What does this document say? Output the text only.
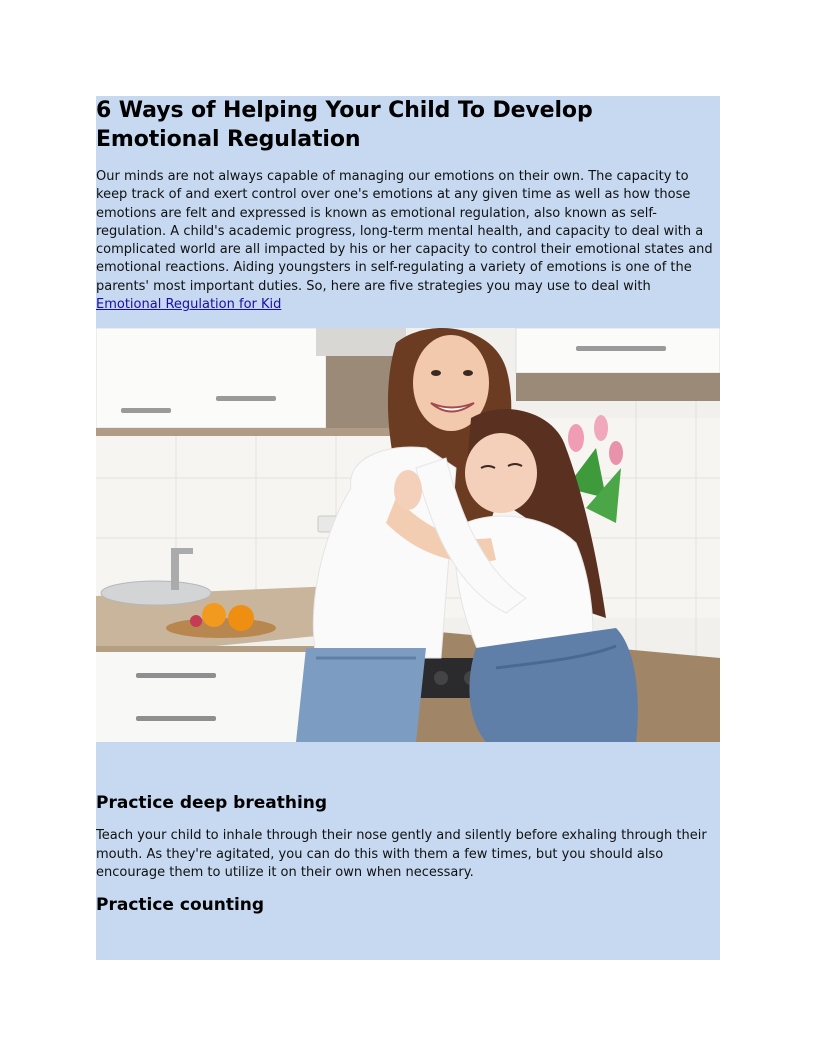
6 Ways of Helping Your Child To Develop Emotional Regulation

Our minds are not always capable of managing our emotions on their own. The capacity to keep track of and exert control over one's emotions at any given time as well as how those emotions are felt and expressed is known as emotional regulation, also known as self-regulation. A child's academic progress, long-term mental health, and capacity to deal with a complicated world are all impacted by his or her capacity to control their emotional states and emotional reactions. Aiding youngsters in self-regulating a variety of emotions is one of the parents' most important duties. So, here are five strategies you may use to deal with Emotional Regulation for Kid

Practice deep breathing

Teach your child to inhale through their nose gently and silently before exhaling through their mouth. As they're agitated, you can do this with them a few times, but you should also encourage them to utilize it on their own when necessary.

Practice counting
